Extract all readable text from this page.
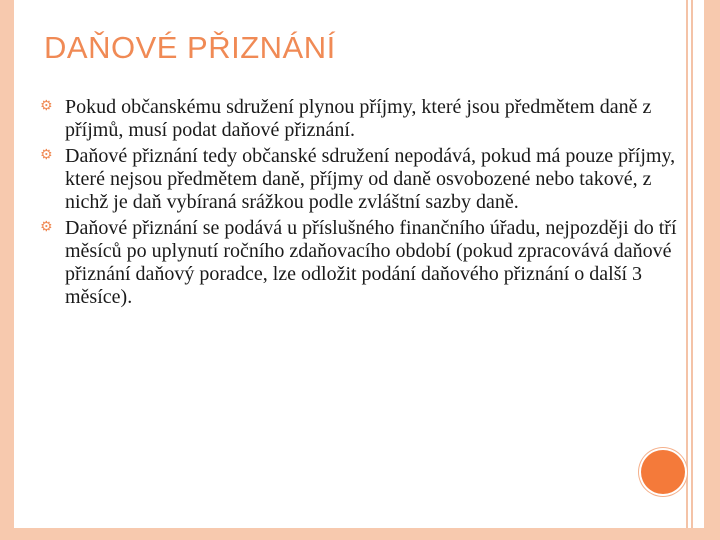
DAŇOVÉ PŘIZNÁNÍ
⚙ Pokud občanskému sdružení plynou příjmy, které jsou předmětem daně z příjmů, musí podat daňové přiznání.
⚙ Daňové přiznání tedy občanské sdružení nepodává, pokud má pouze příjmy, které nejsou předmětem daně, příjmy od daně osvobozené nebo takové, z nichž je daň vybíraná srážkou podle zvláštní sazby daně.
⚙ Daňové přiznání se podává u příslušného finančního úřadu, nejpozději do tří měsíců po uplynutí ročního zdaňovacího období (pokud zpracovává daňové přiznání daňový poradce, lze odložit podání daňového přiznání o další 3 měsíce).
